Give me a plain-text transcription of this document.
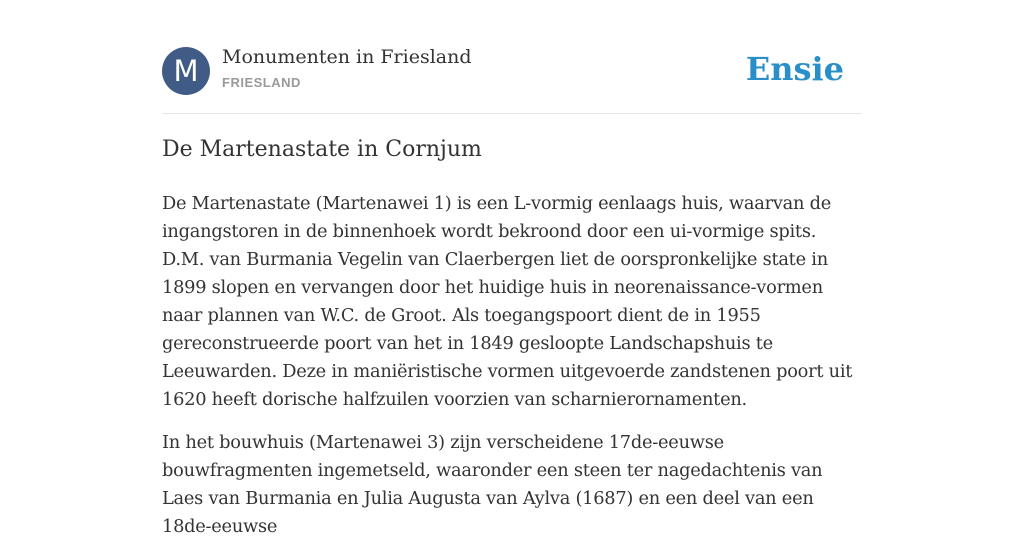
M	Monumenten in Friesland
FRIESLAND	Ensie
De Martenastate in Cornjum

De Martenastate (Martenawei 1) is een L-vormig eenlaags huis, waarvan de ingangstoren in de binnenhoek wordt bekroond door een ui-vormige spits. D.M. van Burmania Vegelin van Claerbergen liet de oorspronkelijke state in 1899 slopen en vervangen door het huidige huis in neorenaissance-vormen naar plannen van W.C. de Groot. Als toegangspoort dient de in 1955 gereconstrueerde poort van het in 1849 gesloopte Landschapshuis te Leeuwarden. Deze in maniëristische vormen uitgevoerde zandstenen poort uit 1620 heeft dorische halfzuilen voorzien van scharnierornamenten.

In het bouwhuis (Martenawei 3) zijn verscheidene 17de-eeuwse bouwfragmenten ingemetseld, waaronder een steen ter nagedachtenis van Laes van Burmania en Julia Augusta van Aylva (1687) en een deel van een 18de-eeuwse
